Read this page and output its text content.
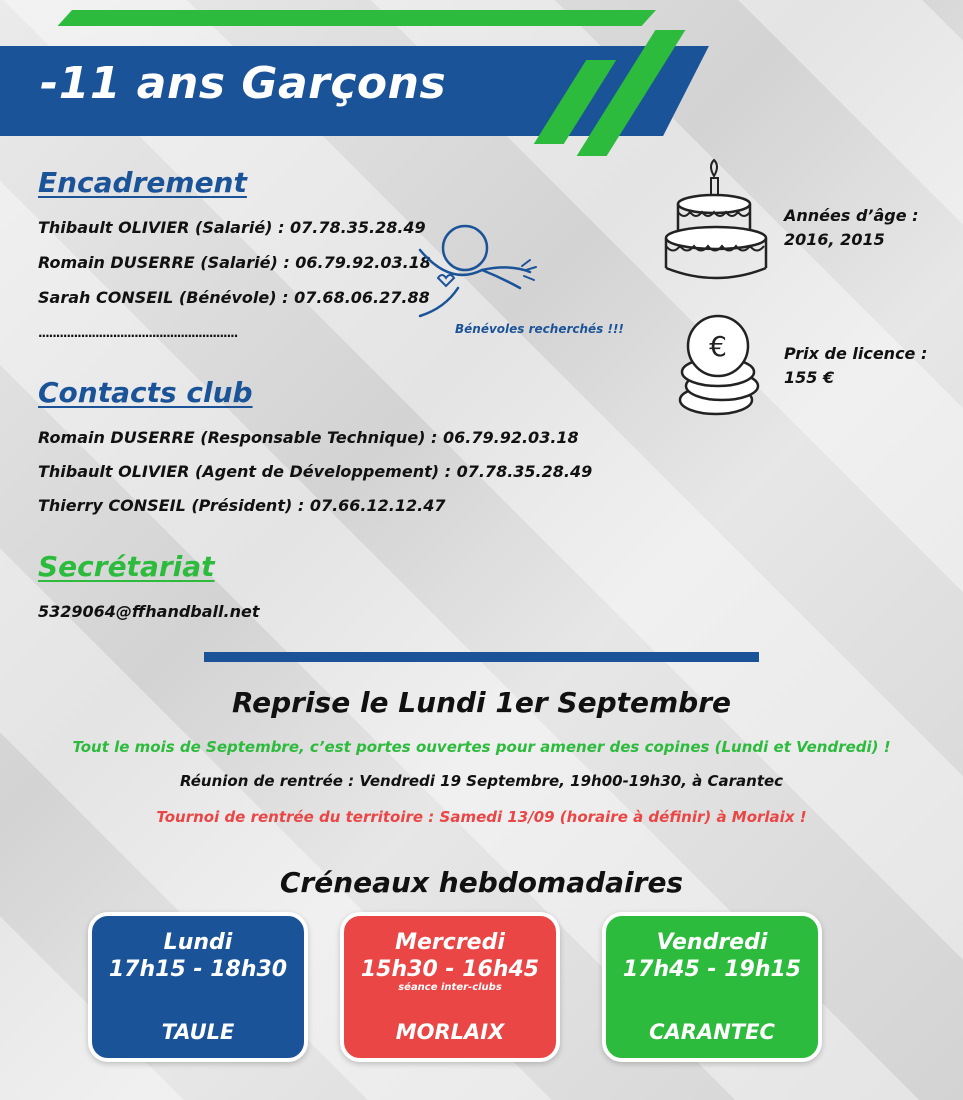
-11 ans Garçons
Encadrement
Thibault OLIVIER (Salarié) : 07.78.35.28.49
Romain DUSERRE (Salarié) : 06.79.92.03.18
Sarah CONSEIL (Bénévole) : 07.68.06.27.88
........................................................	Bénévoles recherchés !!!
Contacts club
Romain DUSERRE (Responsable Technique) : 06.79.92.03.18
Thibault OLIVIER (Agent de Développement) : 07.78.35.28.49
Thierry CONSEIL (Président) : 07.66.12.12.47
Secrétariat
5329064@ffhandball.net
Années d’âge :
2016, 2015
€	Prix de licence :
155 €
Reprise le Lundi 1er Septembre
Tout le mois de Septembre, c’est portes ouvertes pour amener des copines (Lundi et Vendredi) !
Réunion de rentrée : Vendredi 19 Septembre, 19h00-19h30, à Carantec
Tournoi de rentrée du territoire : Samedi 13/09 (horaire à définir) à Morlaix !
Créneaux hebdomadaires
Lundi
17h15 - 18h30
TAULE
Mercredi
15h30 - 16h45
séance inter-clubs
MORLAIX
Vendredi
17h45 - 19h15
CARANTEC
